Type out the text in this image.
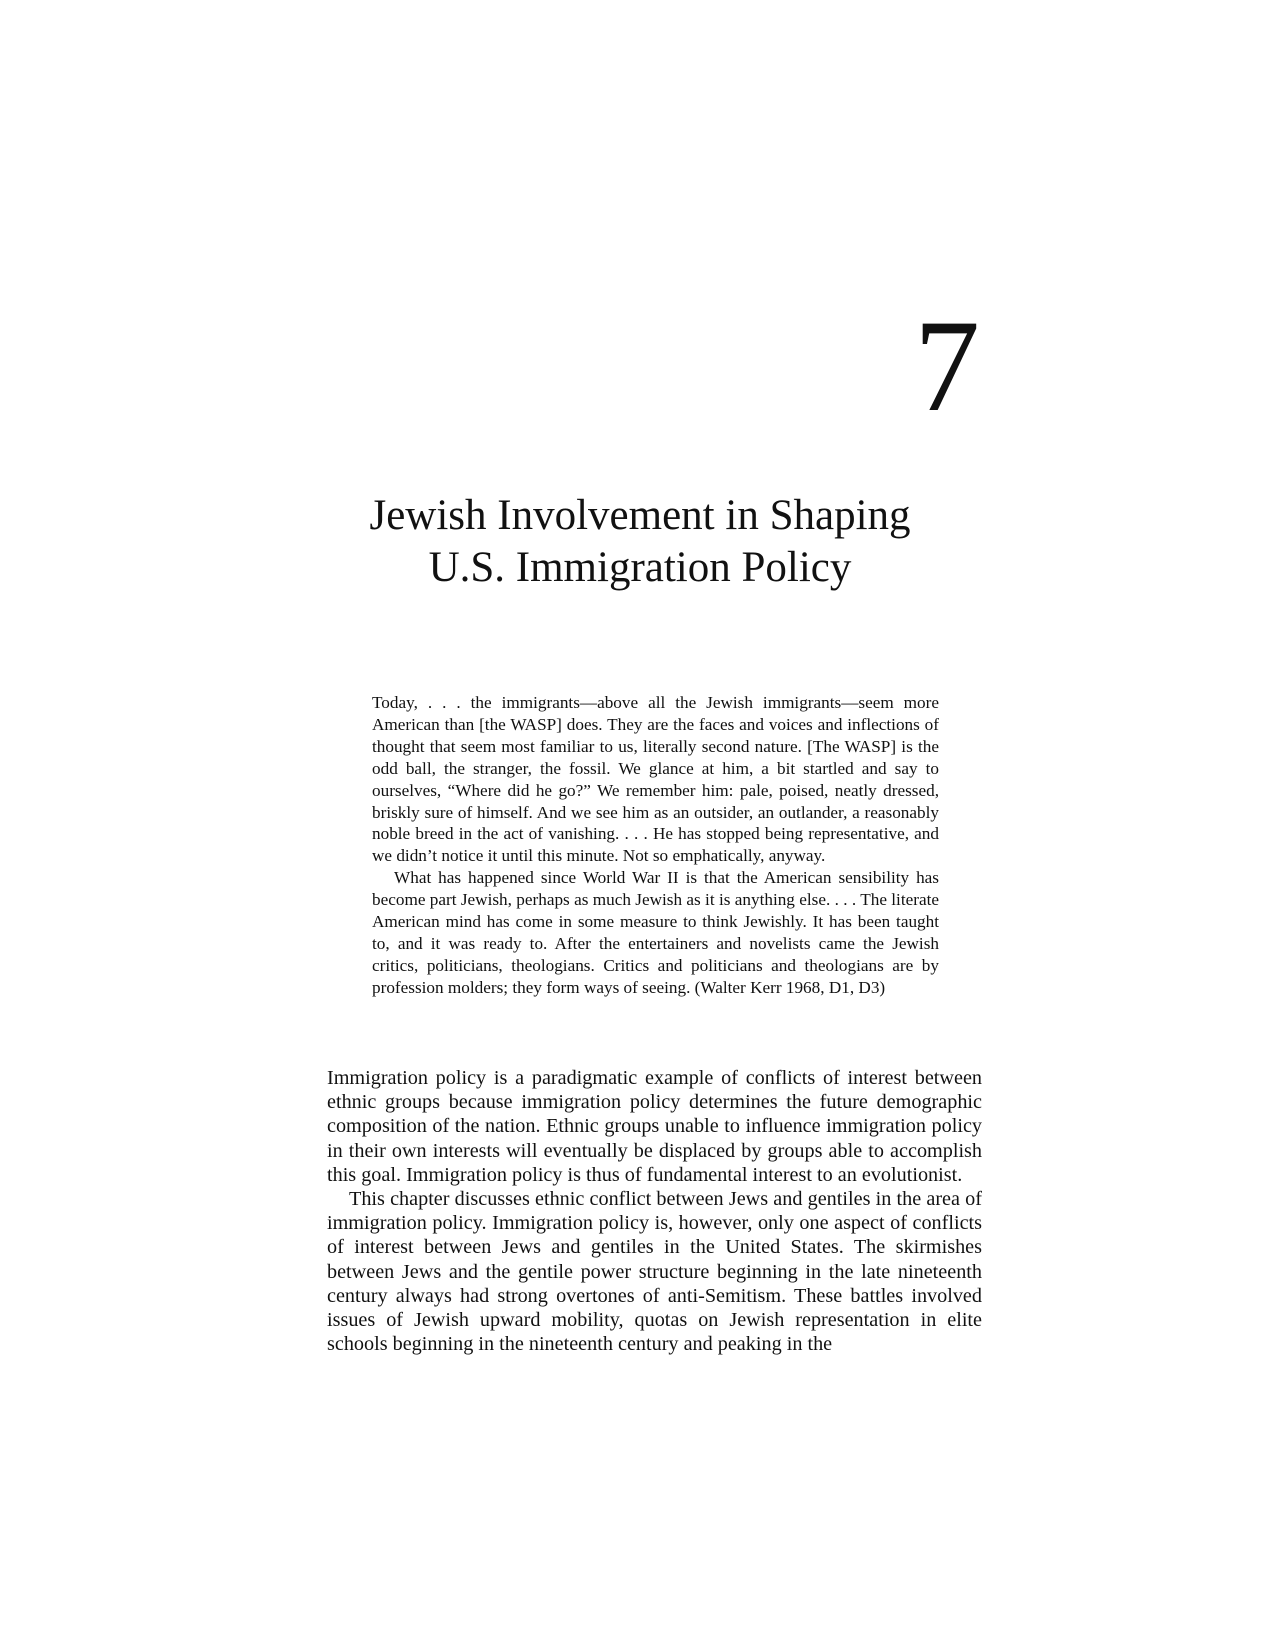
7
Jewish Involvement in Shaping
U.S. Immigration Policy

Today, . . . the immigrants—above all the Jewish immigrants—seem more American than [the WASP] does. They are the faces and voices and inflections of thought that seem most familiar to us, literally second nature. [The WASP] is the odd ball, the stranger, the fossil. We glance at him, a bit startled and say to ourselves, “Where did he go?” We remember him: pale, poised, neatly dressed, briskly sure of himself. And we see him as an outsider, an outlander, a reasonably noble breed in the act of vanishing. . . . He has stopped being representative, and we didn’t notice it until this minute. Not so emphatically, anyway.

What has happened since World War II is that the American sensibility has become part Jewish, perhaps as much Jewish as it is anything else. . . . The literate American mind has come in some measure to think Jewishly. It has been taught to, and it was ready to. After the entertainers and novelists came the Jewish critics, politicians, theologians. Critics and politicians and theologians are by profession molders; they form ways of seeing. (Walter Kerr 1968, D1, D3)

Immigration policy is a paradigmatic example of conflicts of interest between ethnic groups because immigration policy determines the future demographic composition of the nation. Ethnic groups unable to influence immigration policy in their own interests will eventually be displaced by groups able to accomplish this goal. Immigration policy is thus of fundamental interest to an evolutionist.

This chapter discusses ethnic conflict between Jews and gentiles in the area of immigration policy. Immigration policy is, however, only one aspect of conflicts of interest between Jews and gentiles in the United States. The skirmishes between Jews and the gentile power structure beginning in the late nineteenth century always had strong overtones of anti-Semitism. These battles involved issues of Jewish upward mobility, quotas on Jewish representation in elite schools beginning in the nineteenth century and peaking in the
